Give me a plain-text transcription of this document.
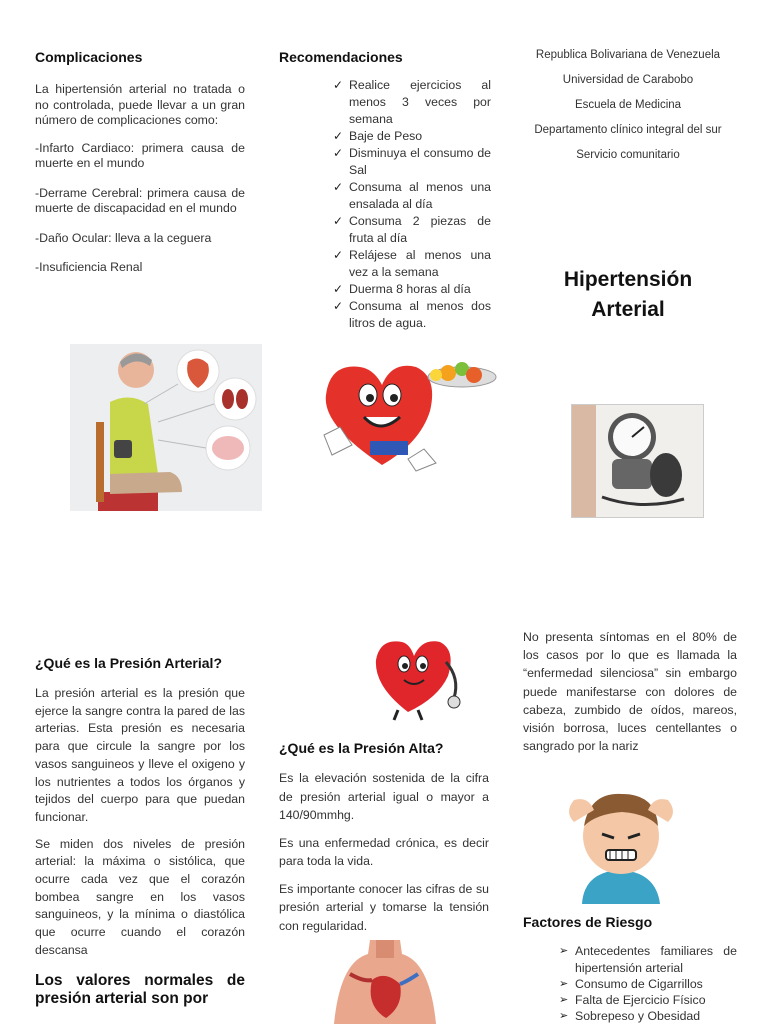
Complicaciones

La hipertensión arterial no tratada o no controlada, puede llevar a un gran número de complicaciones como:

-Infarto Cardiaco: primera causa de muerte en el mundo

-Derrame Cerebral: primera causa de muerte de discapacidad en el mundo

-Daño Ocular: lleva a la ceguera

-Insuficiencia Renal

Recomendaciones
✓ Realice ejercicios al menos 3 veces por semana
✓ Baje de Peso
✓ Disminuya el consumo de Sal
✓ Consuma al menos una ensalada al día
✓ Consuma 2 piezas de fruta al día
✓ Relájese al menos una vez a la semana
✓ Duerma 8 horas al día
✓ Consuma al menos dos litros de agua.
Republica Bolivariana de Venezuela
Universidad de Carabobo
Escuela de Medicina
Departamento clínico integral del sur
Servicio comunitario
Hipertensión
Arterial
¿Qué es la Presión Arterial?

La presión arterial es la presión que ejerce la sangre contra la pared de las arterias. Esta presión es necesaria para que circule la sangre por los vasos sanguineos y lleve el oxigeno y los nutrientes a todos los órganos y tejidos del cuerpo para que puedan funcionar.

Se miden dos niveles de presión arterial: la máxima o sistólica, que ocurre cada vez que el corazón bombea sangre en los vasos sanguineos, y la mínima o diastólica que ocurre cuando el corazón descansa

Los valores normales de presión arterial son por

¿Qué es la Presión Alta?

Es la elevación sostenida de la cifra de presión arterial igual o mayor a 140/90mmhg.

Es una enfermedad crónica, es decir para toda la vida.

Es importante conocer las cifras de su presión arterial y tomarse la tensión con regularidad.

No presenta síntomas en el 80% de los casos por lo que es llamada la “enfermedad silenciosa” sin embargo puede manifestarse con dolores de cabeza, zumbido de oídos, mareos, visión borrosa, luces centellantes o sangrado por la nariz

Factores de Riesgo
➢ Antecedentes familiares de hipertensión arterial
➢ Consumo de Cigarrillos
➢ Falta de Ejercicio Físico
➢ Sobrepeso y Obesidad
